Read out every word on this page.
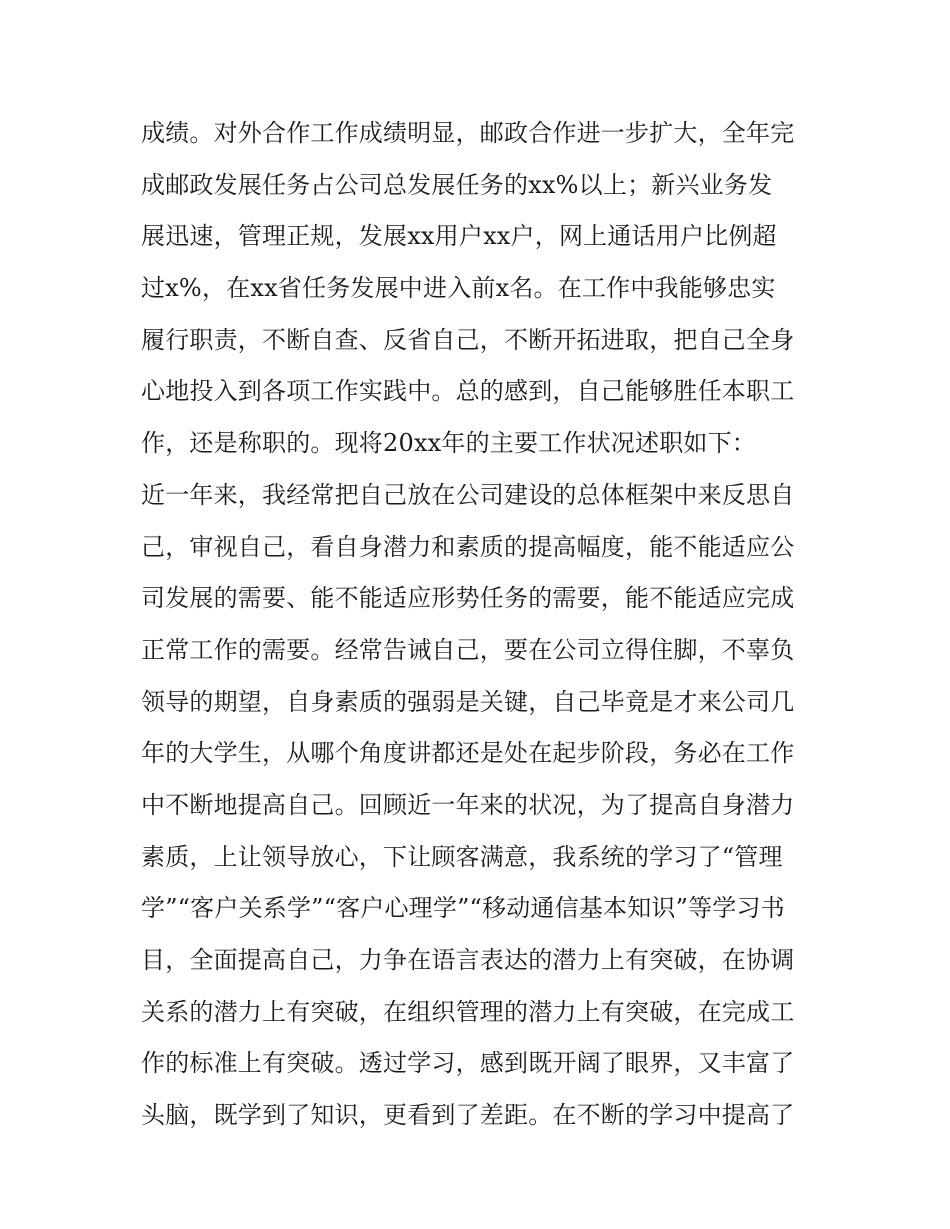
成绩。对外合作工作成绩明显，邮政合作进一步扩大，全年完
成邮政发展任务占公司总发展任务的xx%以上；新兴业务发
展迅速，管理正规，发展xx用户xx户，网上通话用户比例超
过x%，在xx省任务发展中进入前x名。在工作中我能够忠实
履行职责，不断自查、反省自己，不断开拓进取，把自己全身
心地投入到各项工作实践中。总的感到，自己能够胜任本职工
作，还是称职的。现将20xx年的主要工作状况述职如下：
近一年来，我经常把自己放在公司建设的总体框架中来反思自
己，审视自己，看自身潜力和素质的提高幅度，能不能适应公
司发展的需要、能不能适应形势任务的需要，能不能适应完成
正常工作的需要。经常告诫自己，要在公司立得住脚，不辜负
领导的期望，自身素质的强弱是关键，自己毕竟是才来公司几
年的大学生，从哪个角度讲都还是处在起步阶段，务必在工作
中不断地提高自己。回顾近一年来的状况，为了提高自身潜力
素质，上让领导放心，下让顾客满意，我系统的学习了“管理
学”“客户关系学”“客户心理学”“移动通信基本知识”等学习书
目，全面提高自己，力争在语言表达的潜力上有突破，在协调
关系的潜力上有突破，在组织管理的潜力上有突破，在完成工
作的标准上有突破。透过学习，感到既开阔了眼界，又丰富了
头脑，既学到了知识，更看到了差距。在不断的学习中提高了
